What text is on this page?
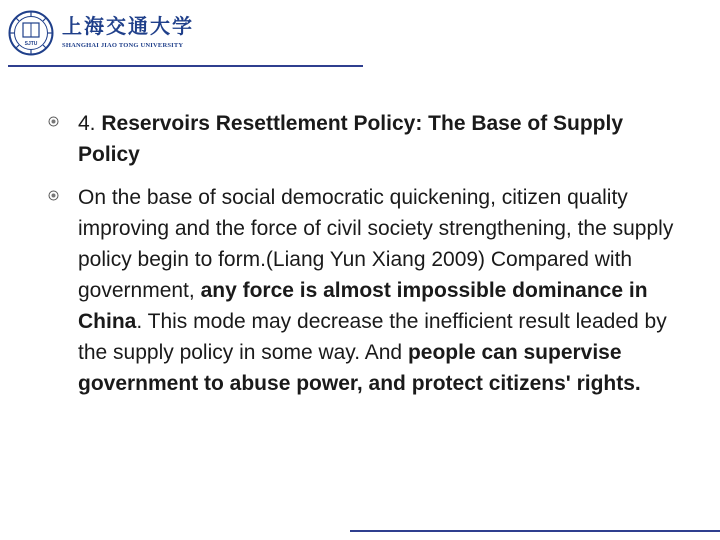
SJTU
上海交通大学
SHANGHAI JIAO TONG UNIVERSITY
4. Reservoirs Resettlement Policy: The Base of Supply Policy
On the base of social democratic quickening, citizen quality improving and the force of civil society strengthening, the supply policy begin to form.(Liang Yun Xiang 2009) Compared with government, any force is almost impossible dominance in China. This mode may decrease the inefficient result leaded by the supply policy in some way. And people can supervise government to abuse power, and protect citizens' rights.
